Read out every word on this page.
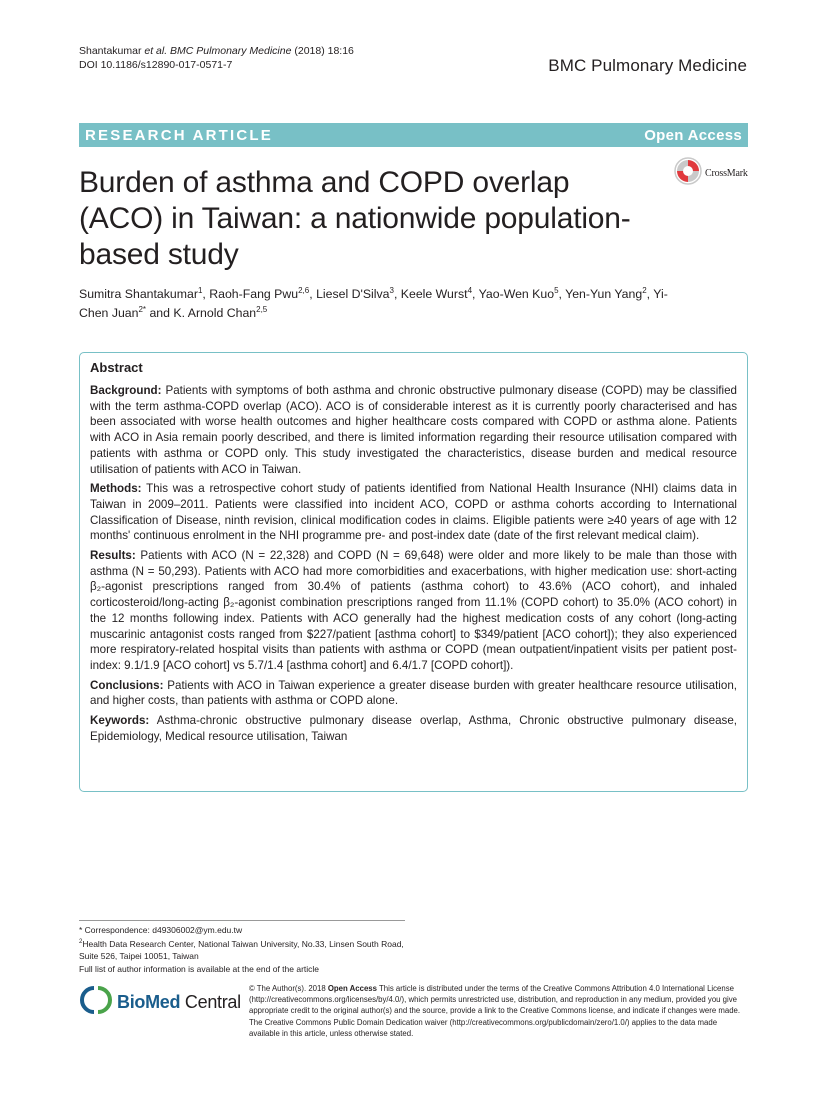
Shantakumar et al. BMC Pulmonary Medicine (2018) 18:16
DOI 10.1186/s12890-017-0571-7	BMC Pulmonary Medicine
RESEARCH ARTICLE	Open Access
Burden of asthma and COPD overlap (ACO) in Taiwan: a nationwide population-based study
CrossMark
Sumitra Shantakumar$^1$, Raoh-Fang Pwu$^{2,6}$, Liesel D'Silva$^3$, Keele Wurst$^4$, Yao-Wen Kuo$^5$, Yen-Yun Yang$^2$, Yi-Chen Juan$^{2*}$ and K. Arnold Chan$^{2,5}$
Abstract

Background: Patients with symptoms of both asthma and chronic obstructive pulmonary disease (COPD) may be classified with the term asthma-COPD overlap (ACO). ACO is of considerable interest as it is currently poorly characterised and has been associated with worse health outcomes and higher healthcare costs compared with COPD or asthma alone. Patients with ACO in Asia remain poorly described, and there is limited information regarding their resource utilisation compared with patients with asthma or COPD only. This study investigated the characteristics, disease burden and medical resource utilisation of patients with ACO in Taiwan.

Methods: This was a retrospective cohort study of patients identified from National Health Insurance (NHI) claims data in Taiwan in 2009–2011. Patients were classified into incident ACO, COPD or asthma cohorts according to International Classification of Disease, ninth revision, clinical modification codes in claims. Eligible patients were ≥40 years of age with 12 months' continuous enrolment in the NHI programme pre- and post-index date (date of the first relevant medical claim).

Results: Patients with ACO (N = 22,328) and COPD (N = 69,648) were older and more likely to be male than those with asthma (N = 50,293). Patients with ACO had more comorbidities and exacerbations, with higher medication use: short-acting β₂-agonist prescriptions ranged from 30.4% of patients (asthma cohort) to 43.6% (ACO cohort), and inhaled corticosteroid/long-acting β₂-agonist combination prescriptions ranged from 11.1% (COPD cohort) to 35.0% (ACO cohort) in the 12 months following index. Patients with ACO generally had the highest medication costs of any cohort (long-acting muscarinic antagonist costs ranged from $227/patient [asthma cohort] to $349/patient [ACO cohort]); they also experienced more respiratory-related hospital visits than patients with asthma or COPD (mean outpatient/inpatient visits per patient post-index: 9.1/1.9 [ACO cohort] vs 5.7/1.4 [asthma cohort] and 6.4/1.7 [COPD cohort]).

Conclusions: Patients with ACO in Taiwan experience a greater disease burden with greater healthcare resource utilisation, and higher costs, than patients with asthma or COPD alone.

Keywords: Asthma-chronic obstructive pulmonary disease overlap, Asthma, Chronic obstructive pulmonary disease, Epidemiology, Medical resource utilisation, Taiwan

* Correspondence: d49306002@ym.edu.tw
$^2$Health Data Research Center, National Taiwan University, No.33, Linsen South Road, Suite 526, Taipei 10051, Taiwan
Full list of author information is available at the end of the article
BioMed Central
© The Author(s). 2018 Open Access This article is distributed under the terms of the Creative Commons Attribution 4.0 International License (http://creativecommons.org/licenses/by/4.0/), which permits unrestricted use, distribution, and reproduction in any medium, provided you give appropriate credit to the original author(s) and the source, provide a link to the Creative Commons license, and indicate if changes were made. The Creative Commons Public Domain Dedication waiver (http://creativecommons.org/publicdomain/zero/1.0/) applies to the data made available in this article, unless otherwise stated.
